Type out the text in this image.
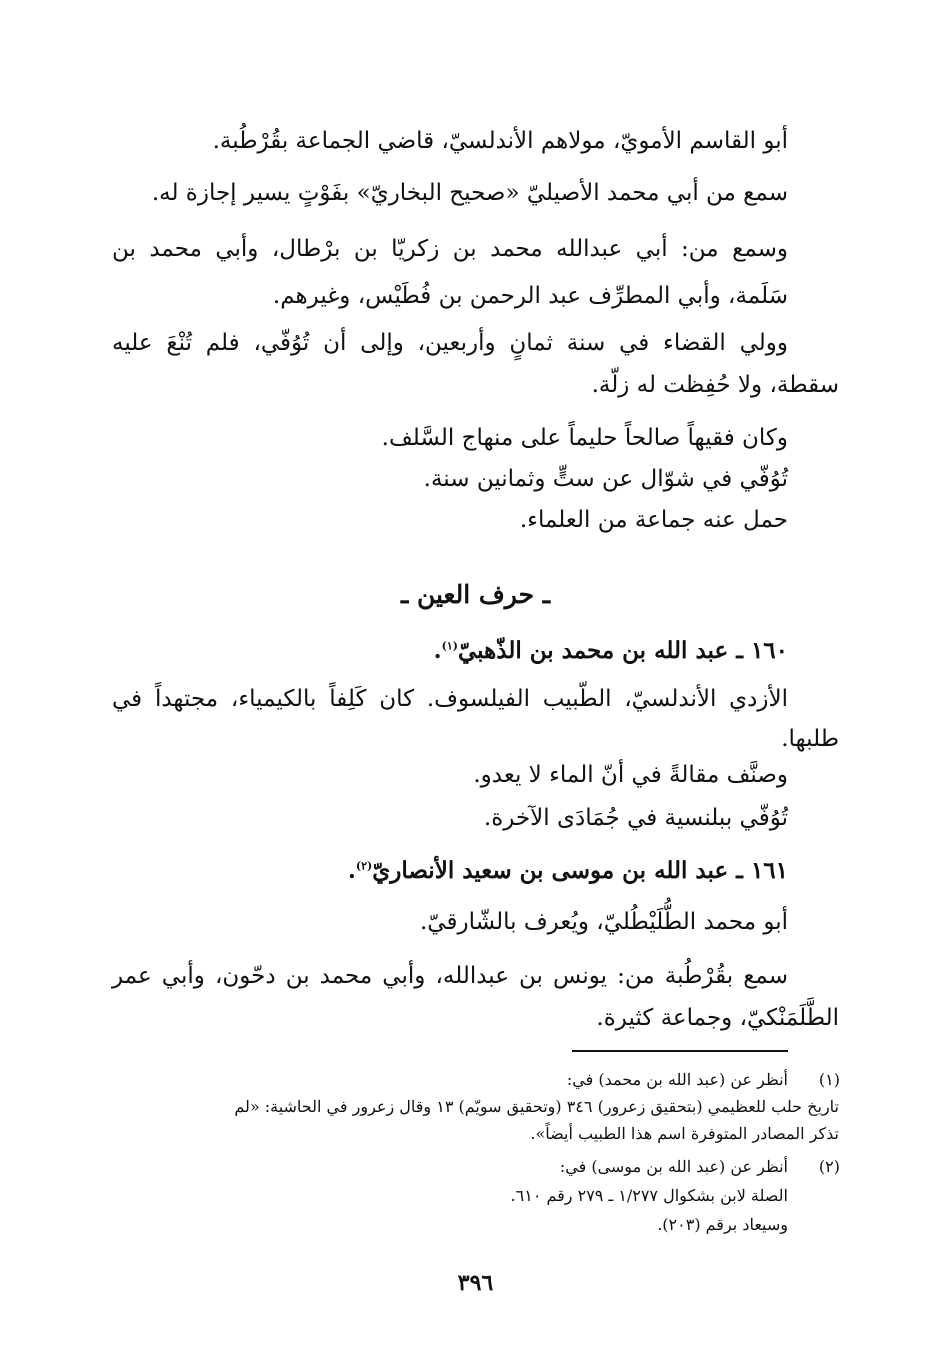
أبو القاسم الأمويّ، مولاهم الأندلسيّ، قاضي الجماعة بقُرْطُبة.
سمع من أبي محمد الأصيليّ «صحيح البخاريّ» بفَوْتٍ يسير إجازة له.
وسمع من: أبي عبدالله محمد بن زكريّا بن برْطال، وأبي محمد بن
سَلَمة، وأبي المطرِّف عبد الرحمن بن فُطَيْس، وغيرهم.
وولي القضاء في سنة ثمانٍ وأربعين، وإلى أن تُوُفّي، فلم تُنْعَ عليه
سقطة، ولا حُفِظت له زلّة.
وكان فقيهاً صالحاً حليماً على منهاج السَّلف.
تُوُفّي في شوّال عن ستٍّ وثمانين سنة.
حمل عنه جماعة من العلماء.
ـ حرف العين ـ
١٦٠ ـ عبد الله بن محمد بن الذّهبيّ$^{(١)}$.
الأزدي الأندلسيّ، الطّبيب الفيلسوف. كان كَلِفاً بالكيمياء، مجتهداً في
طلبها.
وصنَّف مقالةً في أنّ الماء لا يعدو.
تُوُفّي ببلنسية في جُمَادَى الآخرة.
١٦١ ـ عبد الله بن موسى بن سعيد الأنصاريّ$^{(٢)}$.
أبو محمد الطُّلَيْطُليّ، ويُعرف بالشّارقيّ.
سمع بقُرْطُبة من: يونس بن عبدالله، وأبي محمد بن دحّون، وأبي عمر
الطَّلَمَنْكيّ، وجماعة كثيرة.
(١)
أنظر عن (عبد الله بن محمد) في:
تاريخ حلب للعظيمي (بتحقيق زعرور) ٣٤٦ (وتحقيق سويّم) ١٣ وقال زعرور في الحاشية: «لم
تذكر المصادر المتوفرة اسم هذا الطبيب أيضاً».
(٢)
أنظر عن (عبد الله بن موسى) في:
الصلة لابن بشكوال ١/٢٧٧ ـ ٢٧٩ رقم ٦١٠.
وسيعاد برقم (٢٠٣).
٣٩٦
